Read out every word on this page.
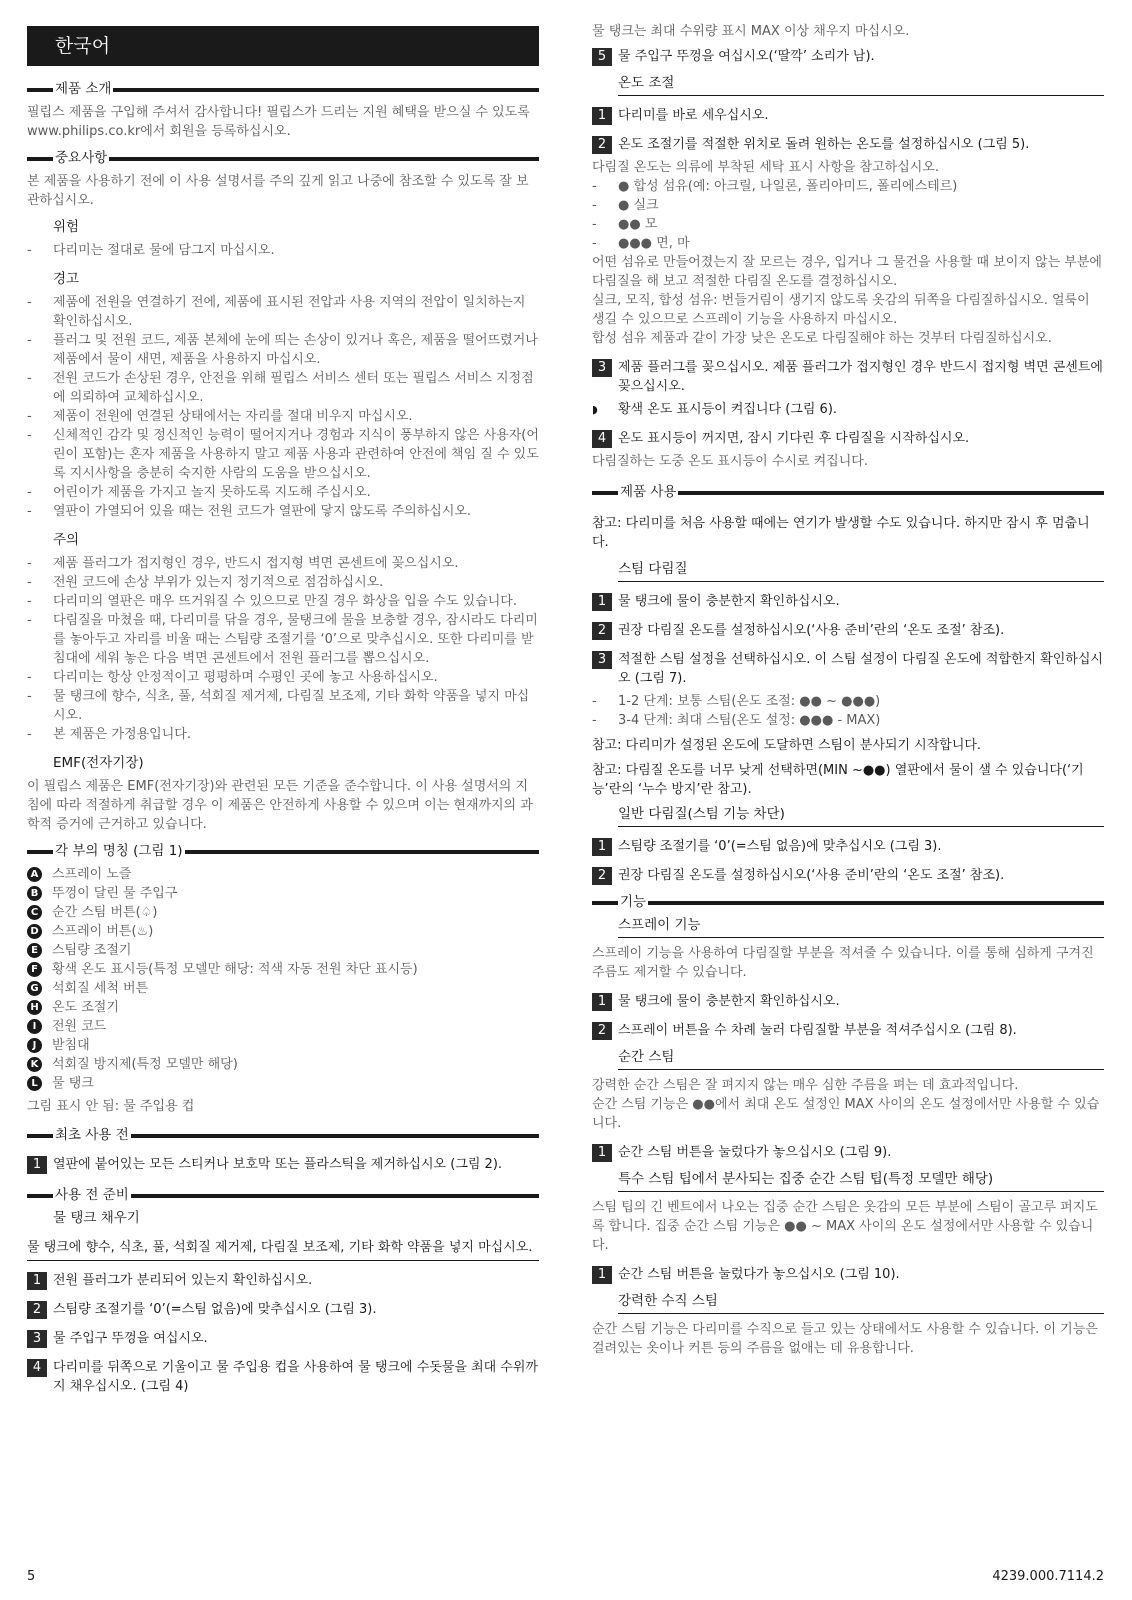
한국어
제품 소개

필립스 제품을 구입해 주셔서 감사합니다! 필립스가 드리는 지원 혜택을 받으실 수 있도록 www.philips.co.kr에서 회원을 등록하십시오.

중요사항

본 제품을 사용하기 전에 이 사용 설명서를 주의 깊게 읽고 나중에 참조할 수 있도록 잘 보관하십시오.

위험
- 다리미는 절대로 물에 담그지 마십시오.
경고
- 제품에 전원을 연결하기 전에, 제품에 표시된 전압과 사용 지역의 전압이 일치하는지 확인하십시오.
- 플러그 및 전원 코드, 제품 본체에 눈에 띄는 손상이 있거나 혹은, 제품을 떨어뜨렸거나 제품에서 물이 새면, 제품을 사용하지 마십시오.
- 전원 코드가 손상된 경우, 안전을 위해 필립스 서비스 센터 또는 필립스 서비스 지정점에 의뢰하여 교체하십시오.
- 제품이 전원에 연결된 상태에서는 자리를 절대 비우지 마십시오.
- 신체적인 감각 및 정신적인 능력이 떨어지거나 경험과 지식이 풍부하지 않은 사용자(어린이 포함)는 혼자 제품을 사용하지 말고 제품 사용과 관련하여 안전에 책임 질 수 있도록 지시사항을 충분히 숙지한 사람의 도움을 받으십시오.
- 어린이가 제품을 가지고 놀지 못하도록 지도해 주십시오.
- 열판이 가열되어 있을 때는 전원 코드가 열판에 닿지 않도록 주의하십시오.
주의
- 제품 플러그가 접지형인 경우, 반드시 접지형 벽면 콘센트에 꽂으십시오.
- 전원 코드에 손상 부위가 있는지 정기적으로 점검하십시오.
- 다리미의 열판은 매우 뜨거워질 수 있으므로 만질 경우 화상을 입을 수도 있습니다.
- 다림질을 마쳤을 때, 다리미를 닦을 경우, 물탱크에 물을 보충할 경우, 잠시라도 다리미를 놓아두고 자리를 비울 때는 스팀량 조절기를 ‘0’으로 맞추십시오. 또한 다리미를 받침대에 세워 놓은 다음 벽면 콘센트에서 전원 플러그를 뽑으십시오.
- 다리미는 항상 안정적이고 평평하며 수평인 곳에 놓고 사용하십시오.
- 물 탱크에 향수, 식초, 풀, 석회질 제거제, 다림질 보조제, 기타 화학 약품을 넣지 마십시오.
- 본 제품은 가정용입니다.
EMF(전자기장)

이 필립스 제품은 EMF(전자기장)와 관련된 모든 기준을 준수합니다. 이 사용 설명서의 지침에 따라 적절하게 취급할 경우 이 제품은 안전하게 사용할 수 있으며 이는 현재까지의 과학적 증거에 근거하고 있습니다.

각 부의 명칭 (그림 1)
A 스프레이 노즐
B 뚜껑이 달린 물 주입구
C 순간 스팀 버튼(♤)
D 스프레이 버튼(♨)
E	스팀량 조절기
F	황색 온도 표시등(특정 모델만 해당: 적색 자동 전원 차단 표시등)
G 석회질 세척 버튼
H 온도 조절기
I	전원 코드
J	받침대
K 석회질 방지제(특정 모델만 해당)
L	물 탱크

그림 표시 안 됨: 물 주입용 컵

최초 사용 전
1 열판에 붙어있는 모든 스티커나 보호막 또는 플라스틱을 제거하십시오 (그림 2).
사용 전 준비
물 탱크 채우기
물 탱크에 향수, 식초, 풀, 석회질 제거제, 다림질 보조제, 기타 화학 약품을 넣지 마십시오.
1 전원 플러그가 분리되어 있는지 확인하십시오.
2 스팀량 조절기를 ‘0’(=스팀 없음)에 맞추십시오 (그림 3).
3 물 주입구 뚜껑을 여십시오.
4 다리미를 뒤쪽으로 기울이고 물 주입용 컵을 사용하여 물 탱크에 수돗물을 최대 수위까지 채우십시오. (그림 4)

물 탱크는 최대 수위량 표시 MAX 이상 채우지 마십시오.

5 물 주입구 뚜껑을 여십시오(‘딸깍’ 소리가 남).
온도 조절
1 다리미를 바로 세우십시오.
2 온도 조절기를 적절한 위치로 돌려 원하는 온도를 설정하십시오 (그림 5).

다림질 온도는 의류에 부착된 세탁 표시 사항을 참고하십시오.

- ● 합성 섬유(예: 아크릴, 나일론, 폴리아미드, 폴리에스테르)
- ● 실크
- ●● 모
- ●●● 면, 마

어떤 섬유로 만들어졌는지 잘 모르는 경우, 입거나 그 물건을 사용할 때 보이지 않는 부분에 다림질을 해 보고 적절한 다림질 온도를 결정하십시오.

실크, 모직, 합성 섬유: 번들거림이 생기지 않도록 옷감의 뒤쪽을 다림질하십시오. 얼룩이 생길 수 있으므로 스프레이 기능을 사용하지 마십시오.

합성 섬유 제품과 같이 가장 낮은 온도로 다림질해야 하는 것부터 다림질하십시오.

3 제품 플러그를 꽂으십시오. 제품 플러그가 접지형인 경우 반드시 접지형 벽면 콘센트에 꽂으십시오.
◗	황색 온도 표시등이 켜집니다 (그림 6).
4 온도 표시등이 꺼지면, 잠시 기다린 후 다림질을 시작하십시오.

다림질하는 도중 온도 표시등이 수시로 켜집니다.

제품 사용

참고: 다리미를 처음 사용할 때에는 연기가 발생할 수도 있습니다. 하지만 잠시 후 멈춥니다.

스팀 다림질
1 물 탱크에 물이 충분한지 확인하십시오.
2 권장 다림질 온도를 설정하십시오(‘사용 준비’란의 ‘온도 조절’ 참조).
3 적절한 스팀 설정을 선택하십시오. 이 스팀 설정이 다림질 온도에 적합한지 확인하십시오 (그림 7).
- 1-2 단계: 보통 스팀(온도 조절: ●● ~ ●●●)
- 3-4 단계: 최대 스팀(온도 설정: ●●● - MAX)

참고: 다리미가 설정된 온도에 도달하면 스팀이 분사되기 시작합니다.

참고: 다림질 온도를 너무 낮게 선택하면(MIN ~●●) 열판에서 물이 샐 수 있습니다(‘기능’란의 ‘누수 방지’란 참고).

일반 다림질(스팀 기능 차단)
1 스팀량 조절기를 ‘0’(=스팀 없음)에 맞추십시오 (그림 3).
2 권장 다림질 온도를 설정하십시오(‘사용 준비’란의 ‘온도 조절’ 참조).
기능
스프레이 기능

스프레이 기능을 사용하여 다림질할 부분을 적셔줄 수 있습니다. 이를 통해 심하게 구겨진 주름도 제거할 수 있습니다.

1 물 탱크에 물이 충분한지 확인하십시오.
2 스프레이 버튼을 수 차례 눌러 다림질할 부분을 적셔주십시오 (그림 8).
순간 스팀

강력한 순간 스팀은 잘 펴지지 않는 매우 심한 주름을 펴는 데 효과적입니다.

순간 스팀 기능은 ●●에서 최대 온도 설정인 MAX 사이의 온도 설정에서만 사용할 수 있습니다.

1 순간 스팀 버튼을 눌렀다가 놓으십시오 (그림 9).
특수 스팀 팁에서 분사되는 집중 순간 스팀 팁(특정 모델만 해당)

스팀 팁의 긴 벤트에서 나오는 집중 순간 스팀은 옷감의 모든 부분에 스팀이 골고루 퍼지도록 합니다. 집중 순간 스팀 기능은 ●● ~ MAX 사이의 온도 설정에서만 사용할 수 있습니다.

1 순간 스팀 버튼을 눌렀다가 놓으십시오 (그림 10).
강력한 수직 스팀

순간 스팀 기능은 다리미를 수직으로 들고 있는 상태에서도 사용할 수 있습니다. 이 기능은 걸려있는 옷이나 커튼 등의 주름을 없애는 데 유용합니다.

5	4239.000.7114.2
